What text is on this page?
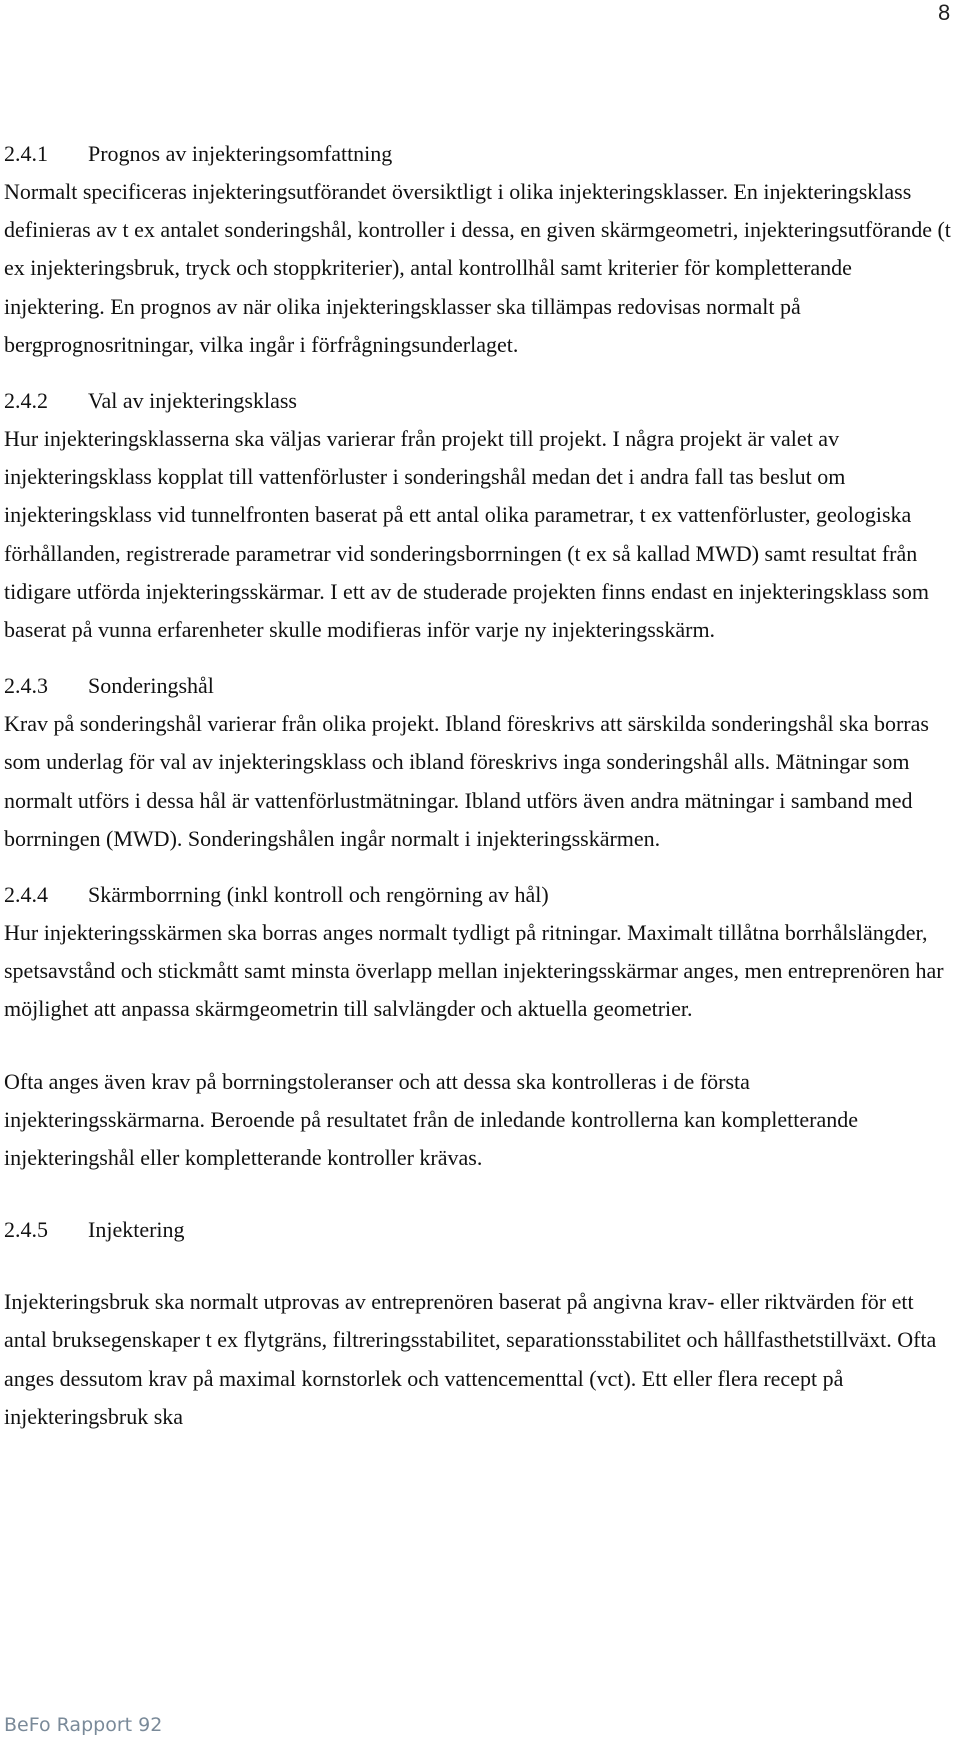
8
2.4.1 Prognos av injekteringsomfattning

Normalt specificeras injekteringsutförandet översiktligt i olika injekteringsklasser. En injekteringsklass definieras av t ex antalet sonderingshål, kontroller i dessa, en given skärmgeometri, injekteringsutförande (t ex injekteringsbruk, tryck och stoppkriterier), antal kontrollhål samt kriterier för kompletterande injektering. En prognos av när olika injekteringsklasser ska tillämpas redovisas normalt på bergprognosritningar, vilka ingår i förfrågningsunderlaget.

2.4.2 Val av injekteringsklass

Hur injekteringsklasserna ska väljas varierar från projekt till projekt. I några projekt är valet av injekteringsklass kopplat till vattenförluster i sonderingshål medan det i andra fall tas beslut om injekteringsklass vid tunnelfronten baserat på ett antal olika parametrar, t ex vattenförluster, geologiska förhållanden, registrerade parametrar vid sonderingsborrningen (t ex så kallad MWD) samt resultat från tidigare utförda injekteringsskärmar. I ett av de studerade projekten finns endast en injekteringsklass som baserat på vunna erfarenheter skulle modifieras inför varje ny injekteringsskärm.

2.4.3 Sonderingshål

Krav på sonderingshål varierar från olika projekt. Ibland föreskrivs att särskilda sonderingshål ska borras som underlag för val av injekteringsklass och ibland föreskrivs inga sonderingshål alls. Mätningar som normalt utförs i dessa hål är vattenförlustmätningar. Ibland utförs även andra mätningar i samband med borrningen (MWD). Sonderingshålen ingår normalt i injekteringsskärmen.

2.4.4 Skärmborrning (inkl kontroll och rengörning av hål)

Hur injekteringsskärmen ska borras anges normalt tydligt på ritningar. Maximalt tillåtna borrhålslängder, spetsavstånd och stickmått samt minsta överlapp mellan injekteringsskärmar anges, men entreprenören har möjlighet att anpassa skärmgeometrin till salvlängder och aktuella geometrier.

Ofta anges även krav på borrningstoleranser och att dessa ska kontrolleras i de första injekteringsskärmarna. Beroende på resultatet från de inledande kontrollerna kan kompletterande injekteringshål eller kompletterande kontroller krävas.

2.4.5 Injektering

Injekteringsbruk ska normalt utprovas av entreprenören baserat på angivna krav- eller riktvärden för ett antal bruksegenskaper t ex flytgräns, filtreringsstabilitet, separationsstabilitet och hållfasthetstillväxt. Ofta anges dessutom krav på maximal kornstorlek och vattencementtal (vct). Ett eller flera recept på injekteringsbruk ska

BeFo Rapport 92
